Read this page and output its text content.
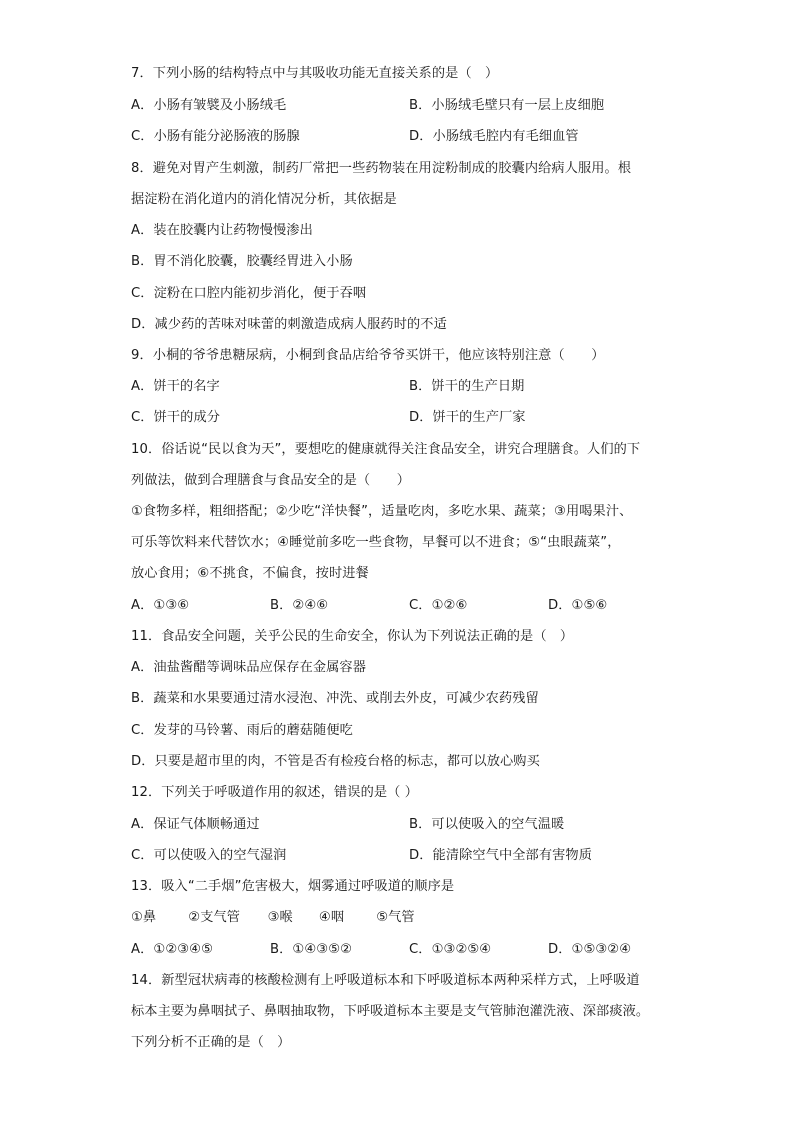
7．下列小肠的结构特点中与其吸收功能无直接关系的是（　）
A．小肠有皱襞及小肠绒毛	B．小肠绒毛壁只有一层上皮细胞
C．小肠有能分泌肠液的肠腺	D．小肠绒毛腔内有毛细血管
8．避免对胃产生刺激，制药厂常把一些药物装在用淀粉制成的胶囊内给病人服用。根
据淀粉在消化道内的消化情况分析，其依据是
A．装在胶囊内让药物慢慢渗出
B．胃不消化胶囊，胶囊经胃进入小肠
C．淀粉在口腔内能初步消化，便于吞咽
D．减少药的苦味对味蕾的刺激造成病人服药时的不适
9．小桐的爷爷患糖尿病，小桐到食品店给爷爷买饼干，他应该特别注意（　　）
A．饼干的名字	B．饼干的生产日期
C．饼干的成分	D．饼干的生产厂家
10．俗话说“民以食为天”，要想吃的健康就得关注食品安全，讲究合理膳食。人们的下
列做法，做到合理膳食与食品安全的是（　　）
①食物多样，粗细搭配；②少吃“洋快餐”，适量吃肉，多吃水果、蔬菜；③用喝果汁、
可乐等饮料来代替饮水；④睡觉前多吃一些食物，早餐可以不进食；⑤“虫眼蔬菜”，
放心食用；⑥不挑食，不偏食，按时进餐
A．①③⑥	B．②④⑥	C．①②⑥	D．①⑤⑥
11．食品安全问题，关乎公民的生命安全，你认为下列说法正确的是（　）
A．油盐酱醋等调味品应保存在金属容器
B．蔬菜和水果要通过清水浸泡、冲洗、或削去外皮，可减少农药残留
C．发芽的马铃薯、雨后的蘑菇随便吃
D．只要是超市里的肉，不管是否有检疫台格的标志，都可以放心购买
12．下列关于呼吸道作用的叙述，错误的是（ ）
A．保证气体顺畅通过	B．可以使吸入的空气温暖
C．可以使吸入的空气湿润	D．能清除空气中全部有害物质
13．吸入“二手烟”危害极大，烟雾通过呼吸道的顺序是
①鼻 ②支气管 ③喉 ④咽 ⑤气管
A．①②③④⑤	B．①④③⑤②	C．①③②⑤④	D．①⑤③②④
14．新型冠状病毒的核酸检测有上呼吸道标本和下呼吸道标本两种采样方式，上呼吸道
标本主要为鼻咽拭子、鼻咽抽取物，下呼吸道标本主要是支气管肺泡灌洗液、深部痰液。
下列分析不正确的是（　）
